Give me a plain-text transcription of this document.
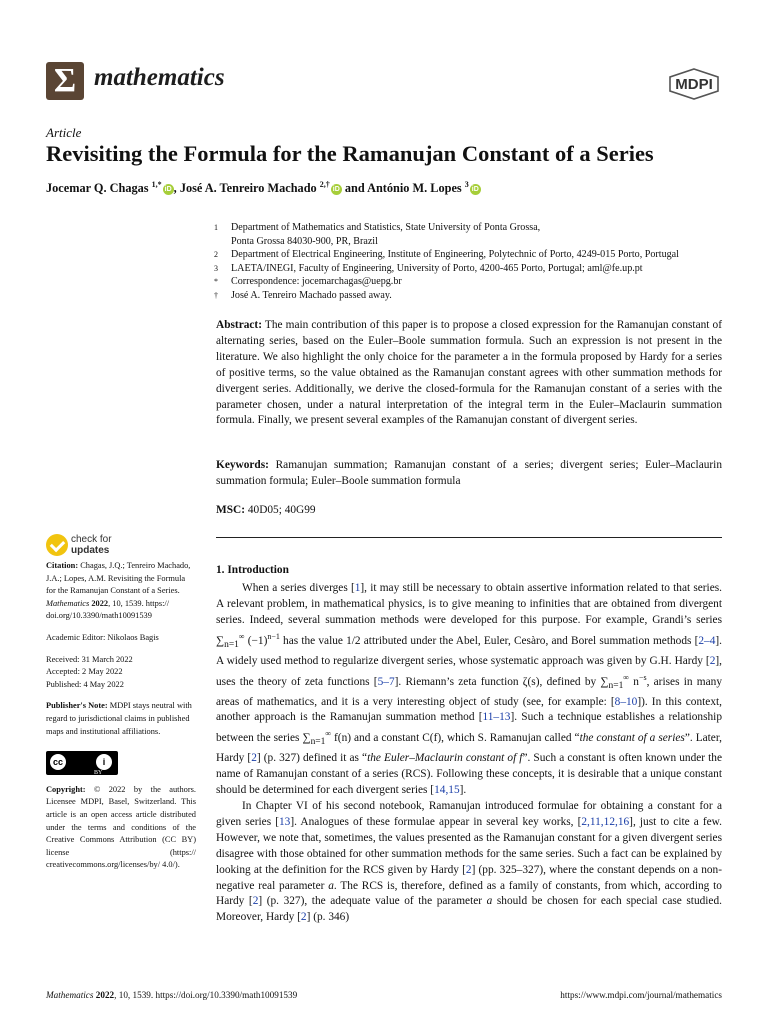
Σ mathematics	MDPI
Article
Revisiting the Formula for the Ramanujan Constant of a Series
Jocemar Q. Chagas $^{1,*}$iD , José A. Tenreiro Machado $^{2,\dagger}$iD and António M. Lopes $^3$iD
1	Department of Mathematics and Statistics, State University of Ponta Grossa,
Ponta Grossa 84030-900, PR, Brazil
2	Department of Electrical Engineering, Institute of Engineering, Polytechnic of Porto, 4249-015 Porto, Portugal
3	LAETA/INEGI, Faculty of Engineering, University of Porto, 4200-465 Porto, Portugal; aml@fe.up.pt
*	Correspondence: jocemarchagas@uepg.br
†	José A. Tenreiro Machado passed away.
Abstract: The main contribution of this paper is to propose a closed expression for the Ramanujan constant of alternating series, based on the Euler–Boole summation formula. Such an expression is not present in the literature. We also highlight the only choice for the parameter a in the formula proposed by Hardy for a series of positive terms, so the value obtained as the Ramanujan constant agrees with other summation methods for divergent series. Additionally, we derive the closed-formula for the Ramanujan constant of a series with the parameter chosen, under a natural interpretation of the integral term in the Euler–Maclaurin summation formula. Finally, we present several examples of the Ramanujan constant of divergent series.
Keywords: Ramanujan summation; Ramanujan constant of a series; divergent series; Euler–Maclaurin summation formula; Euler–Boole summation formula
MSC: 40D05; 40G99
check for
updates

Citation: Chagas, J.Q.; Tenreiro Machado, J.A.; Lopes, A.M. Revisiting the Formula for the Ramanujan Constant of a Series. Mathematics 2022, 10, 1539. https:// doi.org/10.3390/math10091539

Academic Editor: Nikolaos Bagis

Received: 31 March 2022

Accepted: 2 May 2022

Published: 4 May 2022

Publisher's Note: MDPI stays neutral with regard to jurisdictional claims in published maps and institutional affiliations.

cc	i
BY

Copyright: © 2022 by the authors. Licensee MDPI, Basel, Switzerland. This article is an open access article distributed under the terms and conditions of the Creative Commons Attribution (CC BY) license (https:// creativecommons.org/licenses/by/ 4.0/).

1. Introduction

When a series diverges [1], it may still be necessary to obtain assertive information related to that series. A relevant problem, in mathematical physics, is to give meaning to infinities that are obtained from divergent series. Indeed, several summation methods were developed for this purpose. For example, Grandi’s series $\sum_{n=1}^\infty$ $(-1)^{n-1}$ has the value 1/2 attributed under the Abel, Euler, Cesàro, and Borel summation methods [2–4]. A widely used method to regularize divergent series, whose systematic approach was given by G.H. Hardy [2], uses the theory of zeta functions [5–7]. Riemann’s zeta function ζ(s), defined by $\sum_{n=1}^\infty$ $n^{-s}$, arises in many areas of mathematics, and it is a very interesting object of study (see, for example: [8–10]). In this context, another approach is the Ramanujan summation method [11–13]. Such a technique establishes a relationship between the series $\sum_{n=1}^\infty$ f(n) and a constant C(f), which S. Ramanujan called “the constant of a series”. Later, Hardy [2] (p. 327) defined it as “the Euler–Maclaurin constant of f”. Such a constant is often known under the name of Ramanujan constant of a series (RCS). Following these concepts, it is desirable that a unique constant should be determined for each divergent series [14,15].

In Chapter VI of his second notebook, Ramanujan introduced formulae for obtaining a constant for a given series [13]. Analogues of these formulae appear in several key works, [2,11,12,16], just to cite a few. However, we note that, sometimes, the values presented as the Ramanujan constant for a given divergent series disagree with those obtained for other summation methods for the same series. Such a fact can be explained by looking at the definition for the RCS given by Hardy [2] (pp. 325–327), where the constant depends on a non-negative real parameter a. The RCS is, therefore, defined as a family of constants, from which, according to Hardy [2] (p. 327), the adequate value of the parameter a should be chosen for each special case studied. Moreover, Hardy [2] (p. 346)

Mathematics 2022, 10, 1539. https://doi.org/10.3390/math10091539	https://www.mdpi.com/journal/mathematics
